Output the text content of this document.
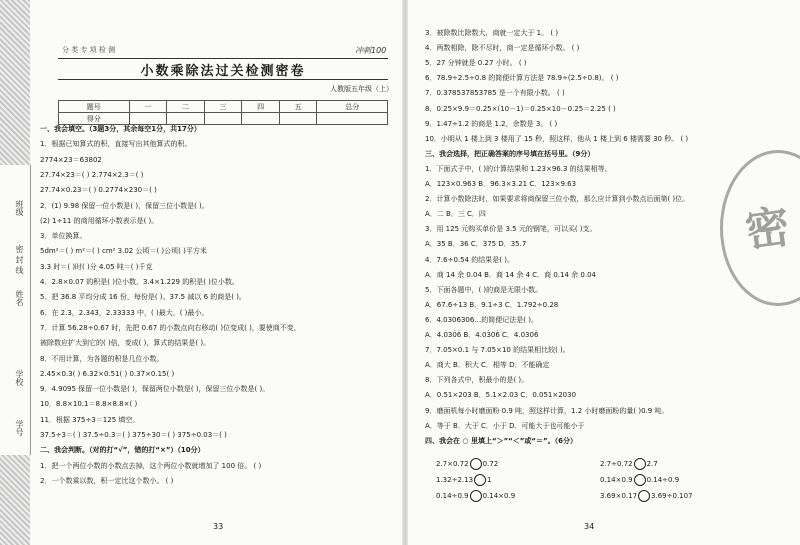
班级
密 封 线
姓名
学校
学号
分 类 专 项 检 测	冲刺100
小数乘除法过关检测密卷
人教版五年级（上）
题号	一	二	三	四	五	总分
得分						
一、我会填空。（3题3分，其余每空1分，共17分）
1．根据已知算式的积，直接写出其他算式的积。
2774×23＝63802
27.74×23＝( ) 2.774×2.3＝( )
27.74×0.23＝( ) 0.2774×230＝( )
2．(1) 9.98 保留一位小数是( )，保留三位小数是( )。
(2) 1÷11 的商用循环小数表示是( )。
3．单位换算。
5dm²＝( ) m²＝( ) cm² 3.02 公顷＝( )公顷( )平方米
3.3 时＝( )时( )分 4.05 吨＝( )千克
4．2.8×0.07 的积是( )位小数，3.4×1.229 的积是( )位小数。
5．把 36.8 平均分成 16 份，每份是( )。37.5 减以 6 的商是( )。
6．在 2.3，2.343̇，2.33333 中，( )最大，( )最小。
7．计算 56.28÷0.67 时，先把 0.67 的小数点向右移动( )位变成( )，要使商不变，
被除数应扩大到它的( )倍，变成( )，算式的结果是( )。
8．不用计算，为各题的积是几位小数。
2.45×0.3( ) 6.32×0.51( ) 0.37×0.15( )
9．4.9095 保留一位小数是( )，保留两位小数是( )，保留三位小数是( )。
10．8.8×10.1＝8.8×8.8×( )
11．根据 375÷3＝125 填空。
37.5÷3＝( ) 37.5÷0.3＝( ) 375÷30＝( ) 375÷0.03＝( )
二、我会判断。（对的打“√”，错的打“×”）（10分）
1．把一个两位小数的小数点去掉，这个两位小数就增加了 100 倍。 ( )
2．一个数乘以数，积一定比这个数小。 ( )
3．被除数比除数大，商就一定大于 1。 ( )
4．两数相除，除不尽时，商一定是循环小数。 ( )
5．27 分钟就是 0.27 小时。 ( )
6．78.9÷2.5÷0.8 的简便计算方法是 78.9÷(2.5÷0.8)。 ( )
7．0.378537853785 是一个有限小数。 ( )
8．0.25×9.9＝0.25×(10－1)＝0.25×10－0.25＝2.25 ( )
9．1.47÷1.2 的商是 1.2，余数是 3。 ( )
10．小明从 1 楼上到 3 楼用了 15 秒，照这样，他从 1 楼上到 6 楼需要 30 秒。 ( )
三、我会选择，把正确答案的序号填在括号里。（9分）
1．下面式子中，( )的计算结果和 1.23×96.3 的结果相等。
A．123×0.963 B．96.3×3.21 C．123×9.63
2．计算小数除法时，如果要求将商保留三位小数，那么应计算到小数点后面第( )位。
A．二 B．三 C．四
3．用 125 元购买单价是 3.5 元的钢笔，可以买( )支。
A．35 B．36 C．375 D．35.7
4．7.6÷0.54 的结果是( )。
A．商 14 余 0.04 B．商 14 余 4 C．商 0.14 余 0.04
5．下面各题中，( )的商是无限小数。
A．67.6÷13 B．9.1÷3 C．1.792÷0.28
6．4.0306306…的简便记法是( )。
A．4.030̇6̇ B．4.03̇06̇ C．4.0306̇
7．7.05×0.1 与 7.05×10 的结果相比较( )。
A．商大 B．积大 C．相等 D．不能确定
8．下列各式中，积最小的是( )。
A．0.51×203 B．5.1×2.03 C．0.051×2030
9．磨面机每小时磨面粉 0.9 吨，照这样计算，1.2 小时磨面粉的量( )0.9 吨。
A．等于 B．大于 C．小于 D．可能大于也可能小于
四、我会在 ○ 里填上“＞”“＜”或“＝”。（6分）
2.7×0.72 0.72	2.7÷0.72 2.7
1.32÷2.13 1	0.14×0.9 0.14÷0.9
0.14÷0.9 0.14×0.9	3.69×0.17 3.69÷0.107
密
33	34
